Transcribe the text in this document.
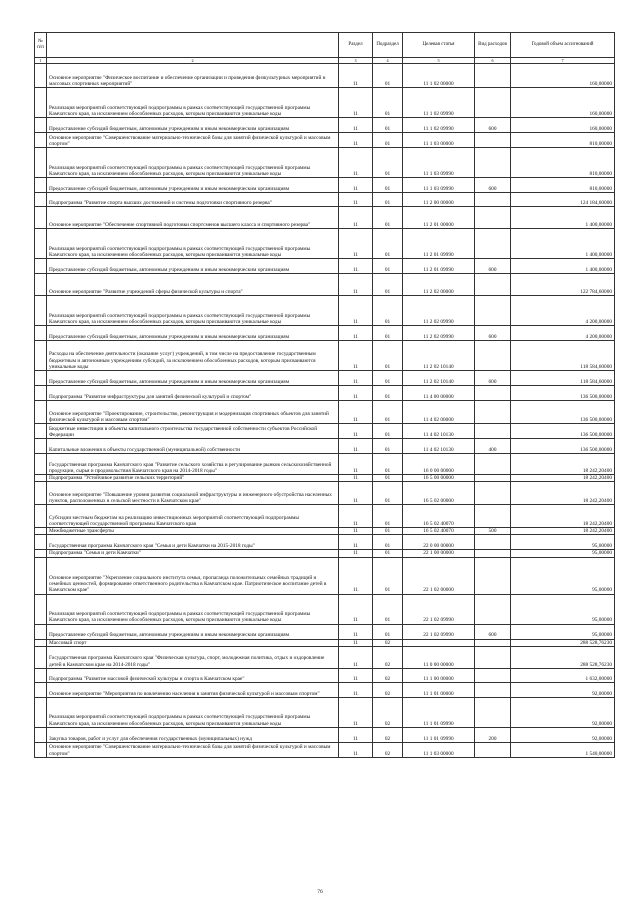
№ п/п		Раздел	Подраздел	Целевая статья	Вид расходов	Годовой объем ассигнований
1	2	3	4	5	6	7
	Основное мероприятие "Физическое воспитание и обеспечение организации и проведения физкультурных мероприятий и массовых спортивных мероприятий"	11	01	11 1 02 00000		160,00000
	Реализация мероприятий соответствующей подпрограммы в рамках соответствующей государственной программы Камчатского края, за исключением обособленных расходов, которым присваиваются уникальные коды	11	01	11 1 02 09990		160,00000
	Предоставление субсидий бюджетным, автономным учреждениям и иным некоммерческим организациям	11	01	11 1 02 09990	600	160,00000
	Основное мероприятие "Совершенствование материально-технической базы для занятий физической культурой и массовым спортом"	11	01	11 1 03 00000		810,00000
	Реализация мероприятий соответствующей подпрограммы в рамках соответствующей государственной программы Камчатского края, за исключением обособленных расходов, которым присваиваются уникальные коды	11	01	11 1 03 09990		810,00000
	Предоставление субсидий бюджетным, автономным учреждениям и иным некоммерческим организациям	11	01	11 1 03 09990	600	810,00000
	Подпрограмма "Развитие спорта высших достижений и системы подготовки спортивного резерва"	11	01	11 2 00 00000		124 184,60000
	Основное мероприятие "Обеспечение спортивной подготовки спортсменов высшего класса и спортивного резерва"	11	01	11 2 01 00000		1 400,00000
	Реализация мероприятий соответствующей подпрограммы в рамках соответствующей государственной программы Камчатского края, за исключением обособленных расходов, которым присваиваются уникальные коды	11	01	11 2 01 09990		1 400,00000
	Предоставление субсидий бюджетным, автономным учреждениям и иным некоммерческим организациям	11	01	11 2 01 09990	600	1 400,00000
	Основное мероприятие "Развитие учреждений сферы физической культуры и спорта"	11	01	11 2 02 00000		122 784,60000
	Реализация мероприятий соответствующей подпрограммы в рамках соответствующей государственной программы Камчатского края, за исключением обособленных расходов, которым присваиваются уникальные коды	11	01	11 2 02 09990		4 200,00000
	Предоставление субсидий бюджетным, автономным учреждениям и иным некоммерческим организациям	11	01	11 2 02 09990	600	4 200,00000
	Расходы на обеспечение деятельности (оказание услуг) учреждений, в том числе на предоставление государственным бюджетным и автономным учреждениям субсидий, за исключением обособленных расходов, которым присваиваются уникальные коды	11	01	11 2 02 10140		118 584,60000
	Предоставление субсидий бюджетным, автономным учреждениям и иным некоммерческим организациям	11	01	11 2 02 10140	600	118 584,60000
	Подпрограмма "Развитие инфраструктуры для занятий физической культурой и спортом"	11	01	11 4 00 00000		136 500,00000
	Основное мероприятие "Проектирование, строительство, реконструкция и модернизация спортивных объектов для занятий физической культурой и массовым спортом"	11	01	11 4 02 00000		136 500,00000
	Бюджетные инвестиции в объекты капитального строительства государственной собственности субъектов Российской Федерации	11	01	11 4 02 10130		136 500,00000
	Капитальные вложения в объекты государственной (муниципальной) собственности	11	01	11 4 02 10130	400	136 500,00000
	Государственная программа Камчатского края "Развитие сельского хозяйства и регулирование рынков сельскохозяйственной продукции, сырья и продовольствия Камчатского края на 2014-2018 годы"	11	01	16 0 00 00000		18 242,20400
	Подпрограмма "Устойчивое развитие сельских территорий"	11	01	16 5 00 00000		18 242,20400
	Основное мероприятие "Повышение уровня развития социальной инфраструктуры и инженерного обустройства населенных пунктов, расположенных в сельской местности в Камчатском крае"	11	01	16 5 02 00000		18 242,20400
	Субсидии местным бюджетам на реализацию инвестиционных мероприятий соответствующей подпрограммы соответствующей государственной программы Камчатского края	11	01	16 5 02 40070		18 242,20400
	Межбюджетные трансферты	11	01	16 5 02 40070	500	18 242,20400
	Государственная программа Камчатского края "Семья и дети Камчатки на 2015-2018 годы"	11	01	22 0 00 00000		95,00000
	Подпрограмма "Семья и дети Камчатки"	11	01	22 1 00 00000		95,00000
	Основное мероприятие "Укрепление социального института семьи, пропаганда положительных семейных традиций и семейных ценностей, формирование ответственного родительства в Камчатском крае. Патриотическое воспитание детей в Камчатском крае"	11	01	22 1 02 00000		95,00000
	Реализация мероприятий соответствующей подпрограммы в рамках соответствующей государственной программы Камчатского края, за исключением обособленных расходов, которым присваиваются уникальные коды	11	01	22 1 02 09990		95,00000
	Предоставление субсидий бюджетным, автономным учреждениям и иным некоммерческим организациям	11	01	22 1 02 09990	600	95,00000
	Массовый спорт	11	02			288 528,76230
	Государственная программа Камчатского края "Физическая культура, спорт, молодежная политика, отдых и оздоровление детей в Камчатском крае на 2014-2018 годы"	11	02	11 0 00 00000		288 528,76230
	Подпрограмма "Развитие массовой физической культуры и спорта в Камчатском крае"	11	02	11 1 00 00000		1 632,00000
	Основное мероприятие "Мероприятия по вовлечению населения в занятия физической культурой и массовым спортом"	11	02	11 1 01 00000		92,00000
	Реализация мероприятий соответствующей подпрограммы в рамках соответствующей государственной программы Камчатского края, за исключением обособленных расходов, которым присваиваются уникальные коды	11	02	11 1 01 09990		92,00000
	Закупка товаров, работ и услуг для обеспечения государственных (муниципальных) нужд	11	02	11 1 01 09990	200	92,00000
	Основное мероприятие "Совершенствование материально-технической базы для занятий физической культурой и массовым спортом"	11	02	11 1 03 00000		1 540,00000
76
